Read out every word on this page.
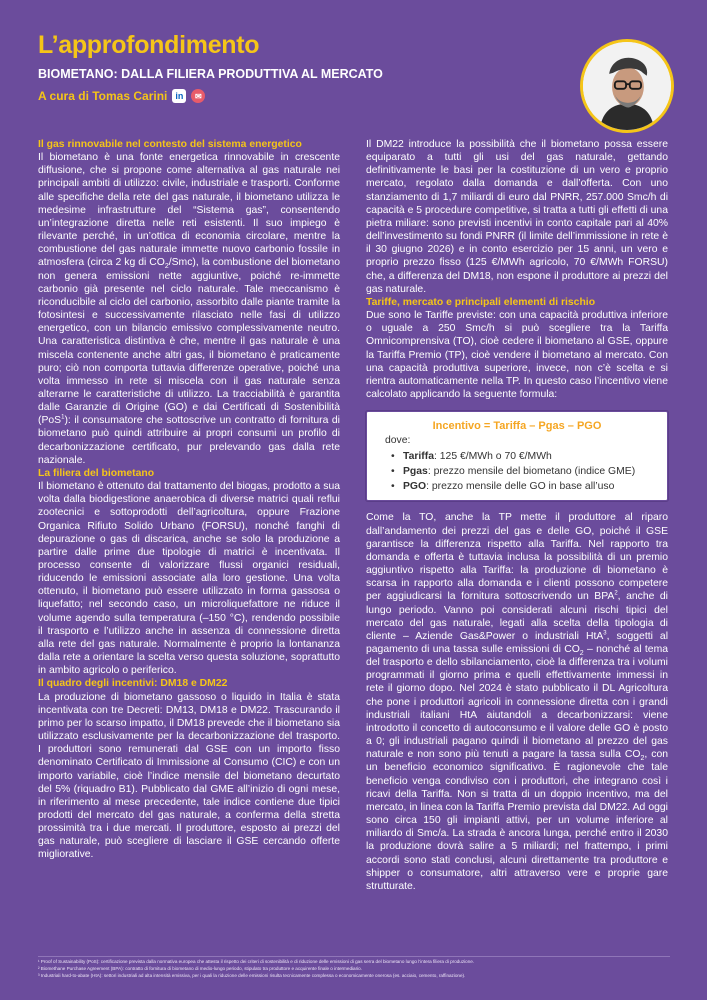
L’approfondimento
BIOMETANO: DALLA FILIERA PRODUTTIVA AL MERCATO
A cura di Tomas Carini in	✉
Il gas rinnovabile nel contesto del sistema energetico

Il biometano è una fonte energetica rinnovabile in crescente diffusione, che si propone come alternativa al gas naturale nei principali ambiti di utilizzo: civile, industriale e trasporti. Conforme alle specifiche della rete del gas naturale, il biometano utilizza le medesime infrastrutture del “Sistema gas”, consentendo un’integrazione diretta nelle reti esistenti. Il suo impiego è rilevante perché, in un’ottica di economia circolare, mentre la combustione del gas naturale immette nuovo carbonio fossile in atmosfera (circa 2 kg di $CO_2/Smc$), la combustione del biometano non genera emissioni nette aggiuntive, poiché re-immette carbonio già presente nel ciclo naturale. Tale meccanismo è riconducibile al ciclo del carbonio, assorbito dalle piante tramite la fotosintesi e successivamente rilasciato nelle fasi di utilizzo energetico, con un bilancio emissivo complessivamente neutro. Una caratteristica distintiva è che, mentre il gas naturale è una miscela contenente anche altri gas, il biometano è praticamente puro; ciò non comporta tuttavia differenze operative, poiché una volta immesso in rete si miscela con il gas naturale senza alterarne le caratteristiche di utilizzo. La tracciabilità è garantita dalle Garanzie di Origine (GO) e dai Certificati di Sostenibilità (PoS$^1$): il consumatore che sottoscrive un contratto di fornitura di biometano può quindi attribuire ai propri consumi un profilo di decarbonizzazione certificato, pur prelevando gas dalla rete nazionale.

La filiera del biometano

Il biometano è ottenuto dal trattamento del biogas, prodotto a sua volta dalla biodigestione anaerobica di diverse matrici quali reflui zootecnici e sottoprodotti dell’agricoltura, oppure Frazione Organica Rifiuto Solido Urbano (FORSU), nonché fanghi di depurazione o gas di discarica, anche se solo la produzione a partire dalle prime due tipologie di matrici è incentivata. Il processo consente di valorizzare flussi organici residuali, riducendo le emissioni associate alla loro gestione. Una volta ottenuto, il biometano può essere utilizzato in forma gassosa o liquefatto; nel secondo caso, un microliquefattore ne riduce il volume agendo sulla temperatura (–150 °C), rendendo possibile il trasporto e l’utilizzo anche in assenza di connessione diretta alla rete del gas naturale. Normalmente è proprio la lontananza dalla rete a orientare la scelta verso questa soluzione, soprattutto in ambito agricolo o periferico.

Il quadro degli incentivi: DM18 e DM22

La produzione di biometano gassoso o liquido in Italia è stata incentivata con tre Decreti: DM13, DM18 e DM22. Trascurando il primo per lo scarso impatto, il DM18 prevede che il biometano sia utilizzato esclusivamente per la decarbonizzazione del trasporto. I produttori sono remunerati dal GSE con un importo fisso denominato Certificato di Immissione al Consumo (CIC) e con un importo variabile, cioè l’indice mensile del biometano decurtato del 5% (riquadro B1). Pubblicato dal GME all’inizio di ogni mese, in riferimento al mese precedente, tale indice contiene due tipici prodotti del mercato del gas naturale, a conferma della stretta prossimità tra i due mercati. Il produttore, esposto ai prezzi del gas naturale, può scegliere di lasciare il GSE cercando offerte migliorative.

Il DM22 introduce la possibilità che il biometano possa essere equiparato a tutti gli usi del gas naturale, gettando definitivamente le basi per la costituzione di un vero e proprio mercato, regolato dalla domanda e dall’offerta. Con uno stanziamento di 1,7 miliardi di euro dal PNRR, 257.000 Smc/h di capacità e 5 procedure competitive, si tratta a tutti gli effetti di una pietra miliare: sono previsti incentivi in conto capitale pari al 40% dell’investimento su fondi PNRR (il limite dell’immissione in rete è il 30 giugno 2026) e in conto esercizio per 15 anni, un vero e proprio prezzo fisso (125 €/MWh agricolo, 70 €/MWh FORSU) che, a differenza del DM18, non espone il produttore ai prezzi del gas naturale.

Tariffe, mercato e principali elementi di rischio

Due sono le Tariffe previste: con una capacità produttiva inferiore o uguale a 250 Smc/h si può scegliere tra la Tariffa Omnicomprensiva (TO), cioè cedere il biometano al GSE, oppure la Tariffa Premio (TP), cioè vendere il biometano al mercato. Con una capacità produttiva superiore, invece, non c’è scelta e si rientra automaticamente nella TP. In questo caso l’incentivo viene calcolato applicando la seguente formula:

Incentivo = Tariffa – Pgas – PGO
dove:
• Tariffa: 125 €/MWh o 70 €/MWh
• Pgas: prezzo mensile del biometano (indice GME)
• PGO: prezzo mensile delle GO in base all’uso

Come la TO, anche la TP mette il produttore al riparo dall’andamento dei prezzi del gas e delle GO, poiché il GSE garantisce la differenza rispetto alla Tariffa. Nel rapporto tra domanda e offerta è tuttavia inclusa la possibilità di un premio aggiuntivo rispetto alla Tariffa: la produzione di biometano è scarsa in rapporto alla domanda e i clienti possono competere per aggiudicarsi la fornitura sottoscrivendo un BPA$^2$, anche di lungo periodo. Vanno poi considerati alcuni rischi tipici del mercato del gas naturale, legati alla scelta della tipologia di cliente – Aziende Gas&Power o industriali HtA$^3$, soggetti al pagamento di una tassa sulle emissioni di $CO_2$ – nonché al tema del trasporto e dello sbilanciamento, cioè la differenza tra i volumi programmati il giorno prima e quelli effettivamente immessi in rete il giorno dopo. Nel 2024 è stato pubblicato il DL Agricoltura che pone i produttori agricoli in connessione diretta con i grandi industriali italiani HtA aiutandoli a decarbonizzarsi: viene introdotto il concetto di autoconsumo e il valore delle GO è posto a 0; gli industriali pagano quindi il biometano al prezzo del gas naturale e non sono più tenuti a pagare la tassa sulla $CO_2$, con un beneficio economico significativo. È ragionevole che tale beneficio venga condiviso con i produttori, che integrano così i ricavi della Tariffa. Non si tratta di un doppio incentivo, ma del mercato, in linea con la Tariffa Premio prevista dal DM22. Ad oggi sono circa 150 gli impianti attivi, per un volume inferiore al miliardo di Smc/a. La strada è ancora lunga, perché entro il 2030 la produzione dovrà salire a 5 miliardi; nel frattempo, i primi accordi sono stati conclusi, alcuni direttamente tra produttore e shipper o consumatore, altri attraverso vere e proprie gare strutturate.

¹ Proof of Sustainability (PoS): certificazione prevista dalla normativa europea che attesta il rispetto dei criteri di sostenibilità e di riduzione delle emissioni di gas serra del biometano lungo l’intera filiera di produzione.
² Biomethane Purchase Agreement (BPA): contratto di fornitura di biometano di medio-lungo periodo, stipulato tra produttore e acquirente finale o intermediario.
³ Industriali hard-to-abate (HtA): settori industriali ad alta intensità emissiva, per i quali la riduzione delle emissioni risulta tecnicamente complessa o economicamente onerosa (es. acciaio, cemento, raffinazione).
